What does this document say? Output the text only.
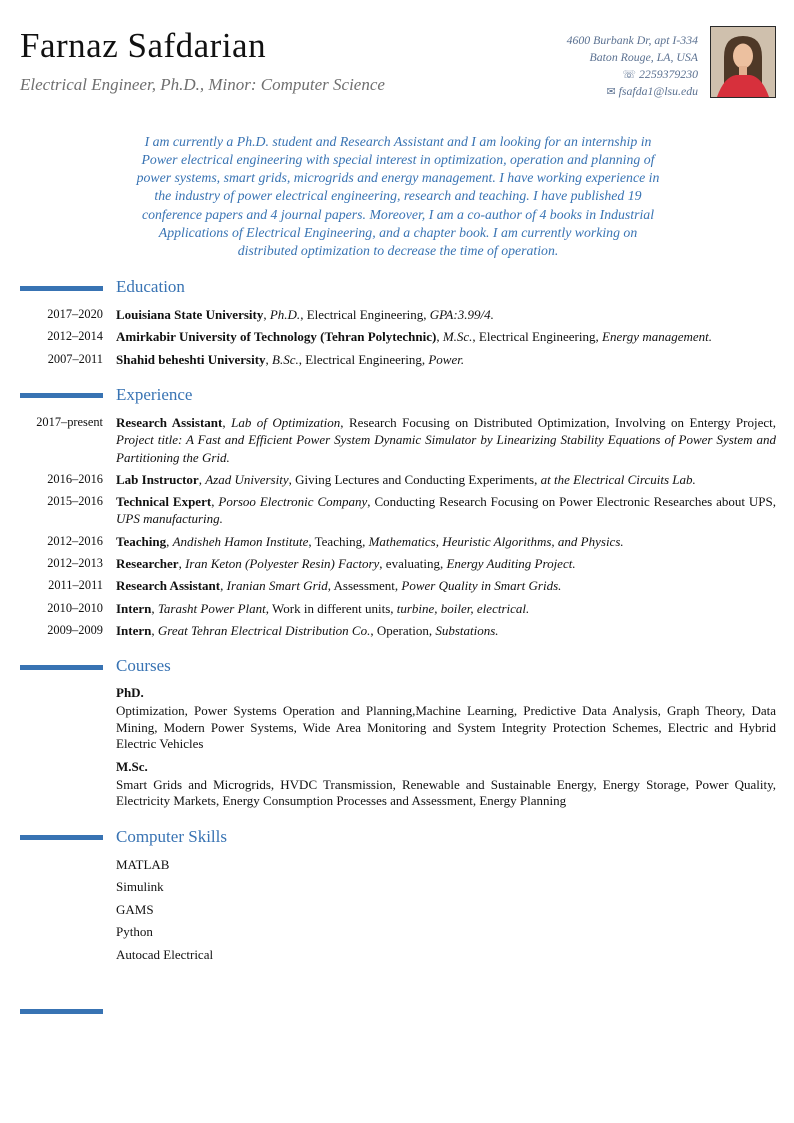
Farnaz Safdarian
Electrical Engineer, Ph.D., Minor: Computer Science
4600 Burbank Dr, apt I-334
Baton Rouge, LA, USA
☏ 2259379230
✉ fsafda1@lsu.edu
I am currently a Ph.D. student and Research Assistant and I am looking for an internship in Power electrical engineering with special interest in optimization, operation and planning of power systems, smart grids, microgrids and energy management. I have working experience in the industry of power electrical engineering, research and teaching. I have published 19 conference papers and 4 journal papers. Moreover, I am a co-author of 4 books in Industrial Applications of Electrical Engineering, and a chapter book. I am currently working on distributed optimization to decrease the time of operation.
Education
2017–2020 Louisiana State University, Ph.D., Electrical Engineering, GPA:3.99/4.
2012–2014 Amirkabir University of Technology (Tehran Polytechnic), M.Sc., Electrical Engineering, Energy management.
2007–2011 Shahid beheshti University, B.Sc., Electrical Engineering, Power.
Experience
2017–present Research Assistant, Lab of Optimization, Research Focusing on Distributed Optimization, Involving on Entergy Project, Project title: A Fast and Efficient Power System Dynamic Simulator by Linearizing Stability Equations of Power System and Partitioning the Grid.
2016–2016 Lab Instructor, Azad University, Giving Lectures and Conducting Experiments, at the Electrical Circuits Lab.
2015–2016 Technical Expert, Porsoo Electronic Company, Conducting Research Focusing on Power Electronic Researches about UPS, UPS manufacturing.
2012–2016 Teaching, Andisheh Hamon Institute, Teaching, Mathematics, Heuristic Algorithms, and Physics.
2012–2013 Researcher, Iran Keton (Polyester Resin) Factory, evaluating, Energy Auditing Project.
2011–2011 Research Assistant, Iranian Smart Grid, Assessment, Power Quality in Smart Grids.
2010–2010 Intern, Tarasht Power Plant, Work in different units, turbine, boiler, electrical.
2009–2009 Intern, Great Tehran Electrical Distribution Co., Operation, Substations.
Courses
PhD.
Optimization, Power Systems Operation and Planning,Machine Learning, Predictive Data Analysis, Graph Theory, Data Mining, Modern Power Systems, Wide Area Monitoring and System Integrity Protection Schemes, Electric and Hybrid Electric Vehicles
M.Sc.
Smart Grids and Microgrids, HVDC Transmission, Renewable and Sustainable Energy, Energy Storage, Power Quality, Electricity Markets, Energy Consumption Processes and Assessment, Energy Planning
Computer Skills
MATLAB
Simulink
GAMS
Python
Autocad Electrical
